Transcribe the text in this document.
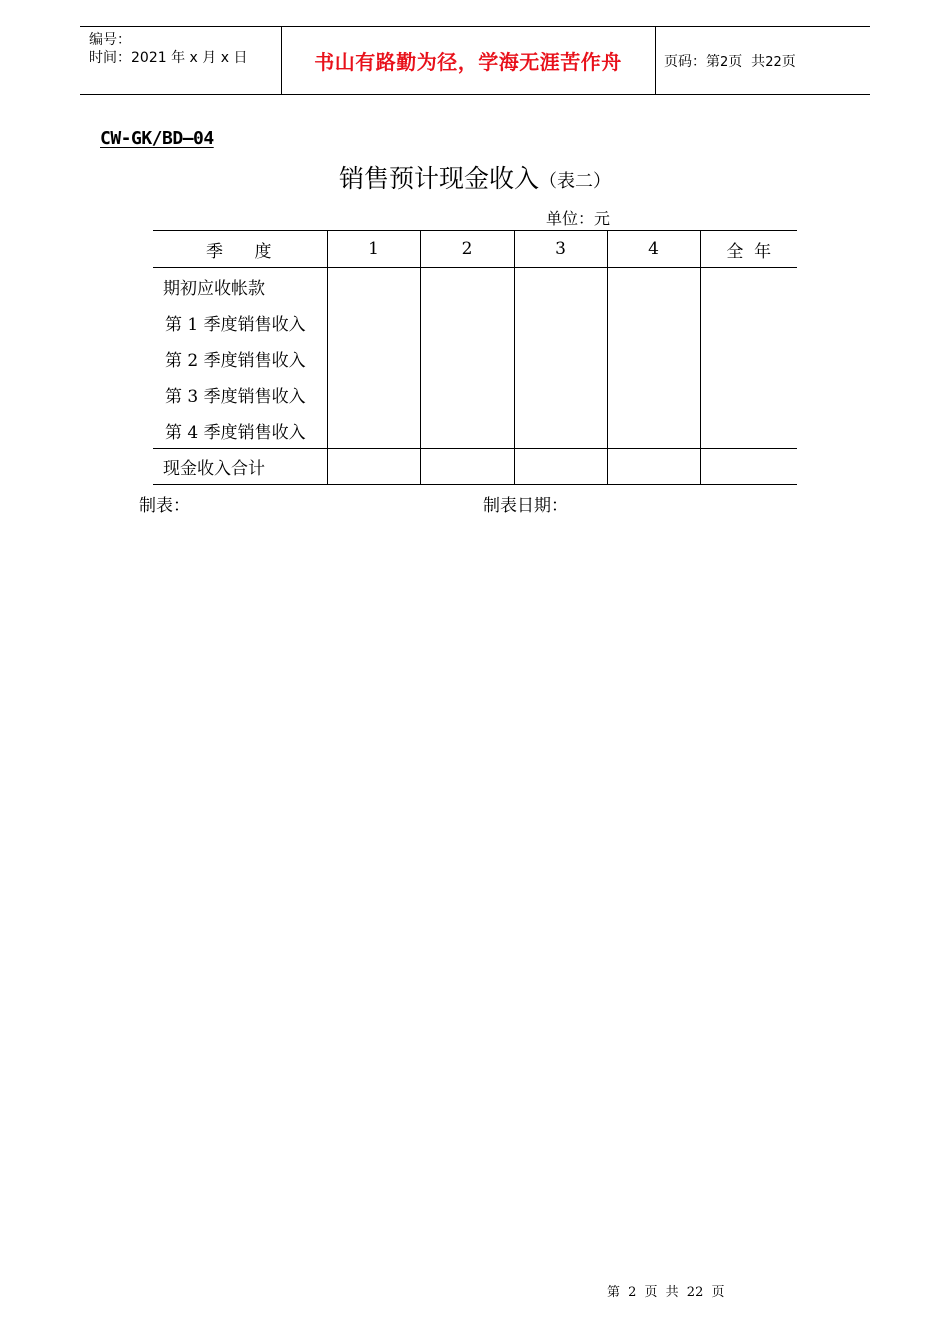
编号：
时间：2021 年 x 月 x 日	书山有路勤为径，学海无涯苦作舟	页码：第2页  共22页
CW-GK/BD—04
销售预计现金收入（表二）
单位：元
季    度	1	2	3	4	全  年
期初应收帐款					
第 1 季度销售收入					
第 2 季度销售收入					
第 3 季度销售收入					
第 4 季度销售收入					
现金收入合计					
制表：	制表日期：
第 2 页 共 22 页
